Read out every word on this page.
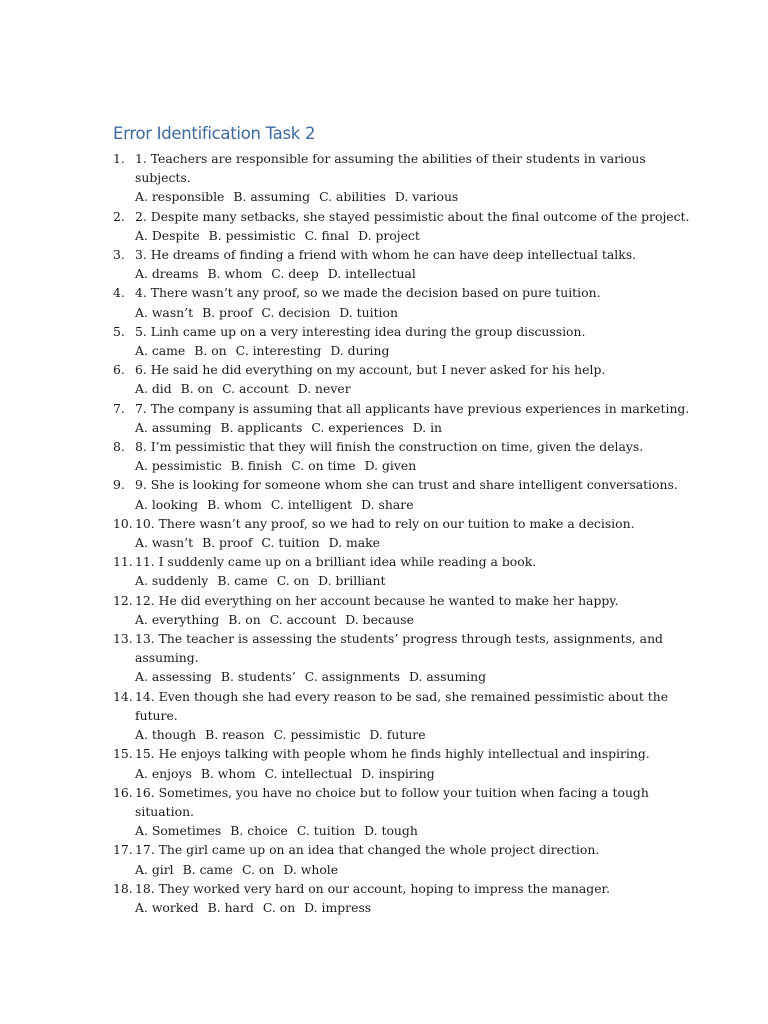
Error Identification Task 2
1. 1. Teachers are responsible for assuming the abilities of their students in various
subjects.
A. responsible B. assuming C. abilities D. various
2. 2. Despite many setbacks, she stayed pessimistic about the final outcome of the project.
A. Despite B. pessimistic C. final D. project
3. 3. He dreams of finding a friend with whom he can have deep intellectual talks.
A. dreams B. whom C. deep D. intellectual
4. 4. There wasn’t any proof, so we made the decision based on pure tuition.
A. wasn’t B. proof C. decision D. tuition
5. 5. Linh came up on a very interesting idea during the group discussion.
A. came B. on C. interesting D. during
6. 6. He said he did everything on my account, but I never asked for his help.
A. did B. on C. account D. never
7. 7. The company is assuming that all applicants have previous experiences in marketing.
A. assuming B. applicants C. experiences D. in
8. 8. I’m pessimistic that they will finish the construction on time, given the delays.
A. pessimistic B. finish C. on time D. given
9. 9. She is looking for someone whom she can trust and share intelligent conversations.
A. looking B. whom C. intelligent D. share
10. 10. There wasn’t any proof, so we had to rely on our tuition to make a decision.
A. wasn’t B. proof C. tuition D. make
11. 11. I suddenly came up on a brilliant idea while reading a book.
A. suddenly B. came C. on D. brilliant
12. 12. He did everything on her account because he wanted to make her happy.
A. everything B. on C. account D. because
13. 13. The teacher is assessing the students’ progress through tests, assignments, and
assuming.
A. assessing B. students’ C. assignments D. assuming
14. 14. Even though she had every reason to be sad, she remained pessimistic about the
future.
A. though B. reason C. pessimistic D. future
15. 15. He enjoys talking with people whom he finds highly intellectual and inspiring.
A. enjoys B. whom C. intellectual D. inspiring
16. 16. Sometimes, you have no choice but to follow your tuition when facing a tough
situation.
A. Sometimes B. choice C. tuition D. tough
17. 17. The girl came up on an idea that changed the whole project direction.
A. girl B. came C. on D. whole
18. 18. They worked very hard on our account, hoping to impress the manager.
A. worked B. hard C. on D. impress
